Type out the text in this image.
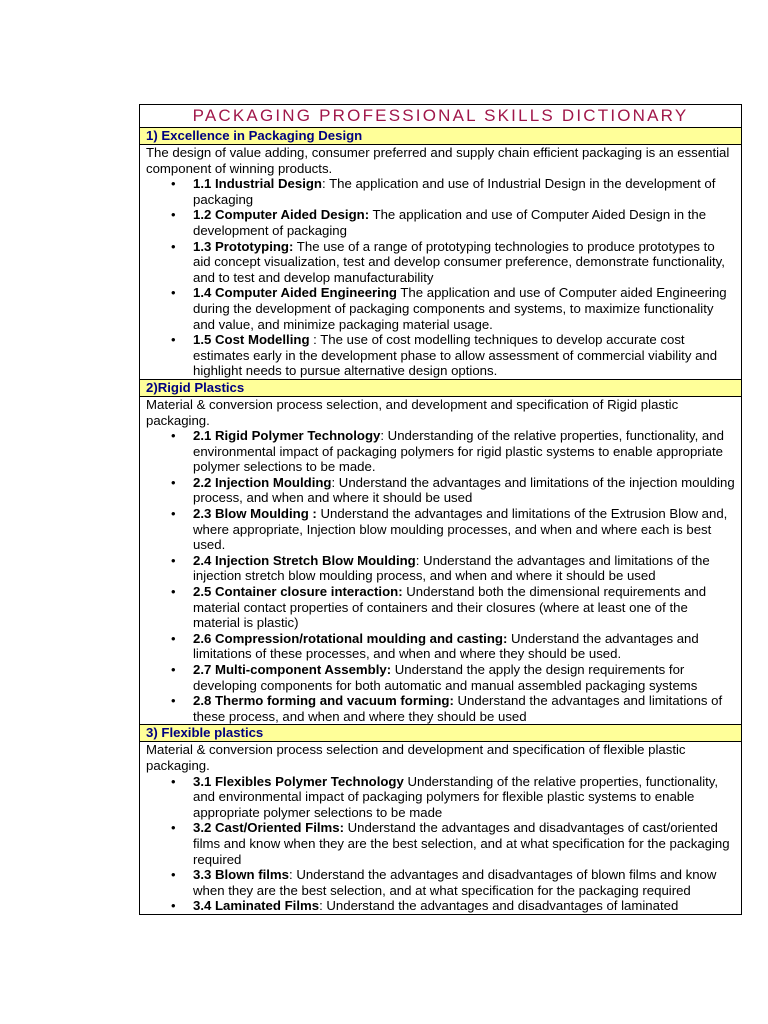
PACKAGING PROFESSIONAL SKILLS DICTIONARY
1) Excellence in Packaging Design

The design of value adding, consumer preferred and supply chain efficient packaging is an essential component of winning products.

• 1.1 Industrial Design: The application and use of Industrial Design in the development of packaging
• 1.2 Computer Aided Design: The application and use of Computer Aided Design in the development of packaging
• 1.3 Prototyping: The use of a range of prototyping technologies to produce prototypes to aid concept visualization, test and develop consumer preference, demonstrate functionality, and to test and develop manufacturability
• 1.4 Computer Aided Engineering The application and use of Computer aided Engineering during the development of packaging components and systems, to maximize functionality and value, and minimize packaging material usage.
• 1.5 Cost Modelling : The use of cost modelling techniques to develop accurate cost estimates early in the development phase to allow assessment of commercial viability and highlight needs to pursue alternative design options.
2)Rigid Plastics

Material & conversion process selection, and development and specification of Rigid plastic packaging.

• 2.1 Rigid Polymer Technology: Understanding of the relative properties, functionality, and environmental impact of packaging polymers for rigid plastic systems to enable appropriate polymer selections to be made.
• 2.2 Injection Moulding: Understand the advantages and limitations of the injection moulding process, and when and where it should be used
• 2.3 Blow Moulding : Understand the advantages and limitations of the Extrusion Blow and, where appropriate, Injection blow moulding processes, and when and where each is best used.
• 2.4 Injection Stretch Blow Moulding: Understand the advantages and limitations of the injection stretch blow moulding process, and when and where it should be used
• 2.5 Container closure interaction: Understand both the dimensional requirements and material contact properties of containers and their closures (where at least one of the material is plastic)
• 2.6 Compression/rotational moulding and casting: Understand the advantages and limitations of these processes, and when and where they should be used.
• 2.7 Multi-component Assembly: Understand the apply the design requirements for developing components for both automatic and manual assembled packaging systems
• 2.8 Thermo forming and vacuum forming: Understand the advantages and limitations of these process, and when and where they should be used
3) Flexible plastics

Material & conversion process selection and development and specification of flexible plastic packaging.

• 3.1 Flexibles Polymer Technology Understanding of the relative properties, functionality, and environmental impact of packaging polymers for flexible plastic systems to enable appropriate polymer selections to be made
• 3.2 Cast/Oriented Films: Understand the advantages and disadvantages of cast/oriented films and know when they are the best selection, and at what specification for the packaging required
• 3.3 Blown films: Understand the advantages and disadvantages of blown films and know when they are the best selection, and at what specification for the packaging required
• 3.4 Laminated Films: Understand the advantages and disadvantages of laminated
